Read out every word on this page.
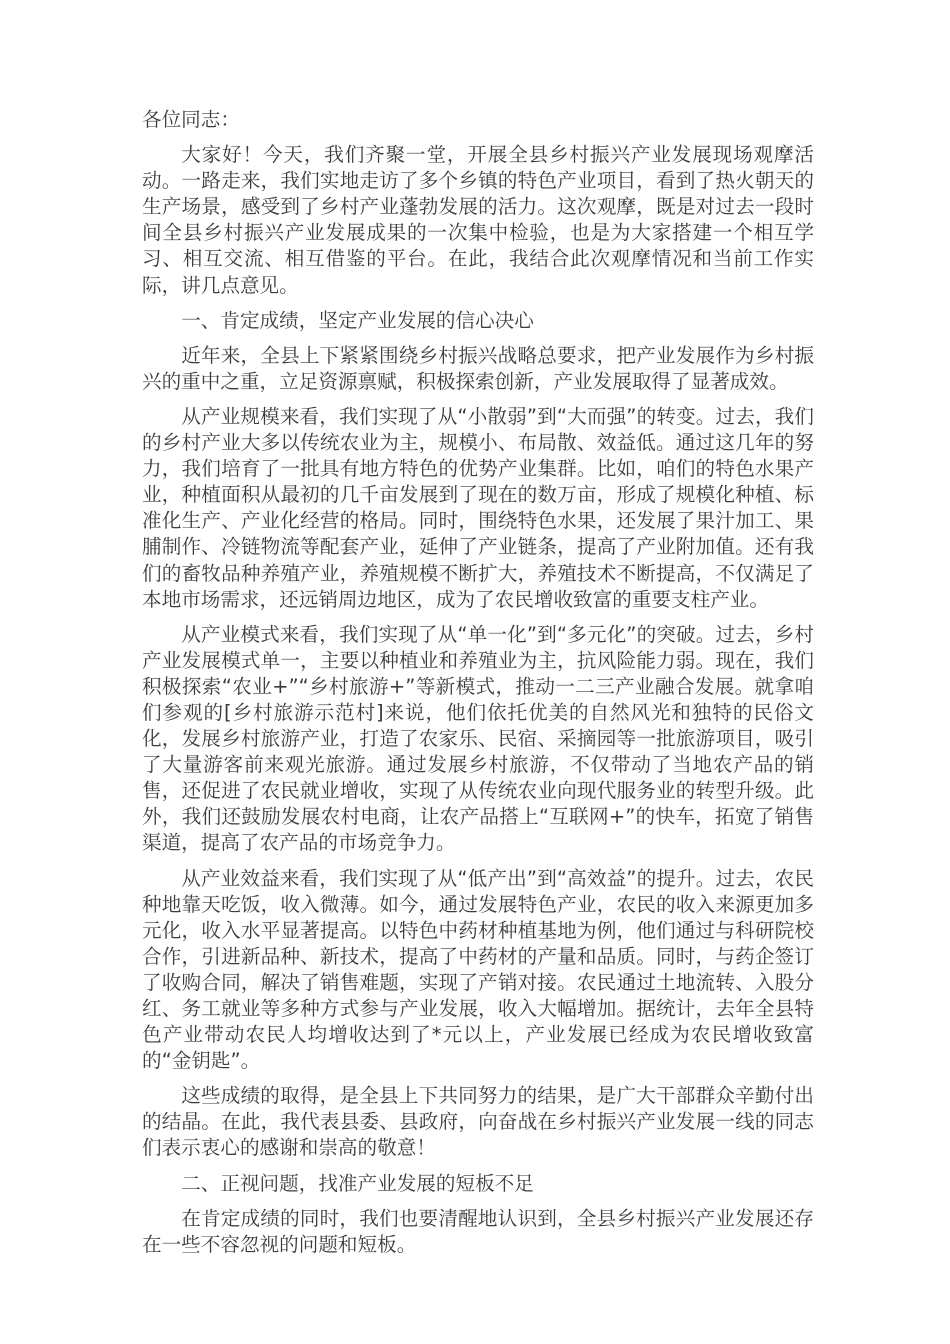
各位同志：

大家好！今天，我们齐聚一堂，开展全县乡村振兴产业发展现场观摩活动。一路走来，我们实地走访了多个乡镇的特色产业项目，看到了热火朝天的生产场景，感受到了乡村产业蓬勃发展的活力。这次观摩，既是对过去一段时间全县乡村振兴产业发展成果的一次集中检验，也是为大家搭建一个相互学习、相互交流、相互借鉴的平台。在此，我结合此次观摩情况和当前工作实际，讲几点意见。

一、肯定成绩，坚定产业发展的信心决心

近年来，全县上下紧紧围绕乡村振兴战略总要求，把产业发展作为乡村振兴的重中之重，立足资源禀赋，积极探索创新，产业发展取得了显著成效。

从产业规模来看，我们实现了从“小散弱”到“大而强”的转变。过去，我们的乡村产业大多以传统农业为主，规模小、布局散、效益低。通过这几年的努力，我们培育了一批具有地方特色的优势产业集群。比如，咱们的特色水果产业，种植面积从最初的几千亩发展到了现在的数万亩，形成了规模化种植、标准化生产、产业化经营的格局。同时，围绕特色水果，还发展了果汁加工、果脯制作、冷链物流等配套产业，延伸了产业链条，提高了产业附加值。还有我们的畜牧品种养殖产业，养殖规模不断扩大，养殖技术不断提高，不仅满足了本地市场需求，还远销周边地区，成为了农民增收致富的重要支柱产业。

从产业模式来看，我们实现了从“单一化”到“多元化”的突破。过去，乡村产业发展模式单一，主要以种植业和养殖业为主，抗风险能力弱。现在，我们积极探索“农业+”“乡村旅游+”等新模式，推动一二三产业融合发展。就拿咱们参观的[乡村旅游示范村]来说，他们依托优美的自然风光和独特的民俗文化，发展乡村旅游产业，打造了农家乐、民宿、采摘园等一批旅游项目，吸引了大量游客前来观光旅游。通过发展乡村旅游，不仅带动了当地农产品的销售，还促进了农民就业增收，实现了从传统农业向现代服务业的转型升级。此外，我们还鼓励发展农村电商，让农产品搭上“互联网+”的快车，拓宽了销售渠道，提高了农产品的市场竞争力。

从产业效益来看，我们实现了从“低产出”到“高效益”的提升。过去，农民种地靠天吃饭，收入微薄。如今，通过发展特色产业，农民的收入来源更加多元化，收入水平显著提高。以特色中药材种植基地为例，他们通过与科研院校合作，引进新品种、新技术，提高了中药材的产量和品质。同时，与药企签订了收购合同，解决了销售难题，实现了产销对接。农民通过土地流转、入股分红、务工就业等多种方式参与产业发展，收入大幅增加。据统计，去年全县特色产业带动农民人均增收达到了*元以上，产业发展已经成为农民增收致富的“金钥匙”。

这些成绩的取得，是全县上下共同努力的结果，是广大干部群众辛勤付出的结晶。在此，我代表县委、县政府，向奋战在乡村振兴产业发展一线的同志们表示衷心的感谢和崇高的敬意！

二、正视问题，找准产业发展的短板不足

在肯定成绩的同时，我们也要清醒地认识到，全县乡村振兴产业发展还存在一些不容忽视的问题和短板。
